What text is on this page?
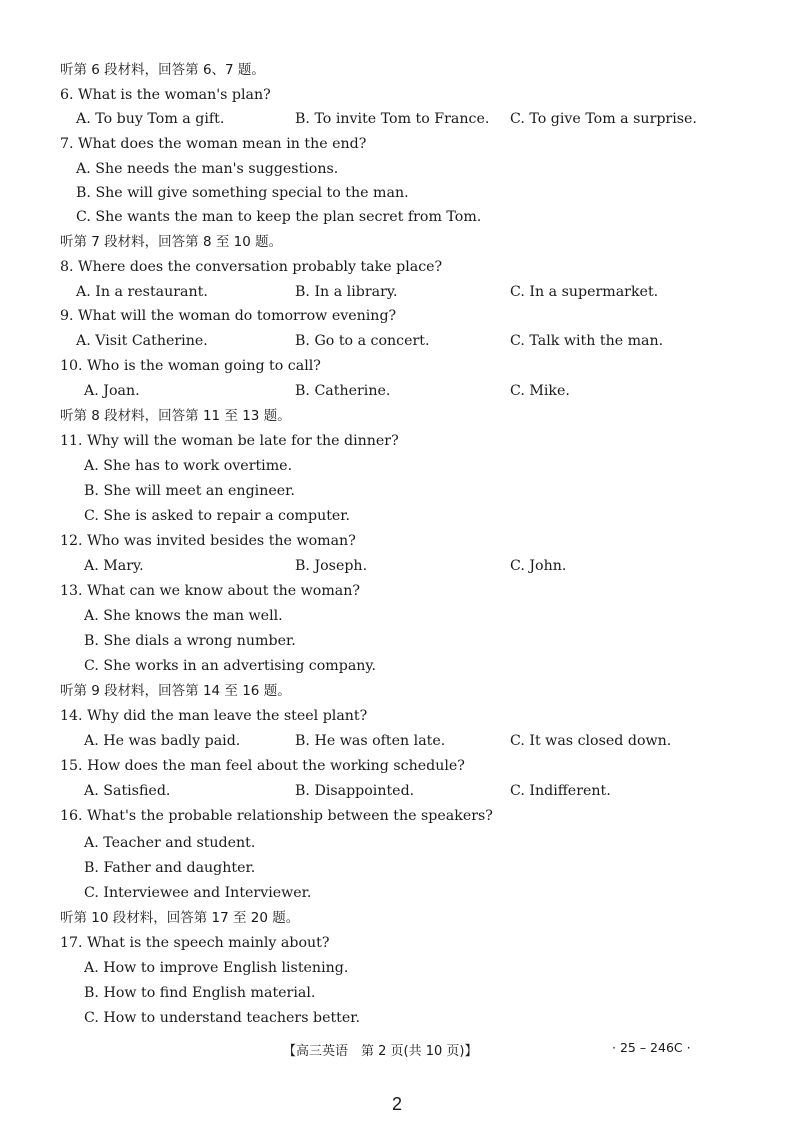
听第 6 段材料，回答第 6、7 题。
6. What is the woman's plan?
A. To buy Tom a gift.	B. To invite Tom to France. C. To give Tom a surprise.
7. What does the woman mean in the end?
A. She needs the man's suggestions.
B. She will give something special to the man.
C. She wants the man to keep the plan secret from Tom.
听第 7 段材料，回答第 8 至 10 题。
8. Where does the conversation probably take place?
A. In a restaurant.	B. In a library.	C. In a supermarket.
9. What will the woman do tomorrow evening?
A. Visit Catherine.	B. Go to a concert.	C. Talk with the man.
10. Who is the woman going to call?
A. Joan.	B. Catherine.	C. Mike.
听第 8 段材料，回答第 11 至 13 题。
11. Why will the woman be late for the dinner?
A. She has to work overtime.
B. She will meet an engineer.
C. She is asked to repair a computer.
12. Who was invited besides the woman?
A. Mary.	B. Joseph.	C. John.
13. What can we know about the woman?
A. She knows the man well.
B. She dials a wrong number.
C. She works in an advertising company.
听第 9 段材料，回答第 14 至 16 题。
14. Why did the man leave the steel plant?
A. He was badly paid.	B. He was often late.	C. It was closed down.
15. How does the man feel about the working schedule?
A. Satisfied.	B. Disappointed.	C. Indifferent.
16. What's the probable relationship between the speakers?
A. Teacher and student.
B. Father and daughter.
C. Interviewee and Interviewer.
听第 10 段材料，回答第 17 至 20 题。
17. What is the speech mainly about?
A. How to improve English listening.
B. How to find English material.
C. How to understand teachers better.
【高三英语　第 2 页(共 10 页)】	· 25 – 246C ·
2
